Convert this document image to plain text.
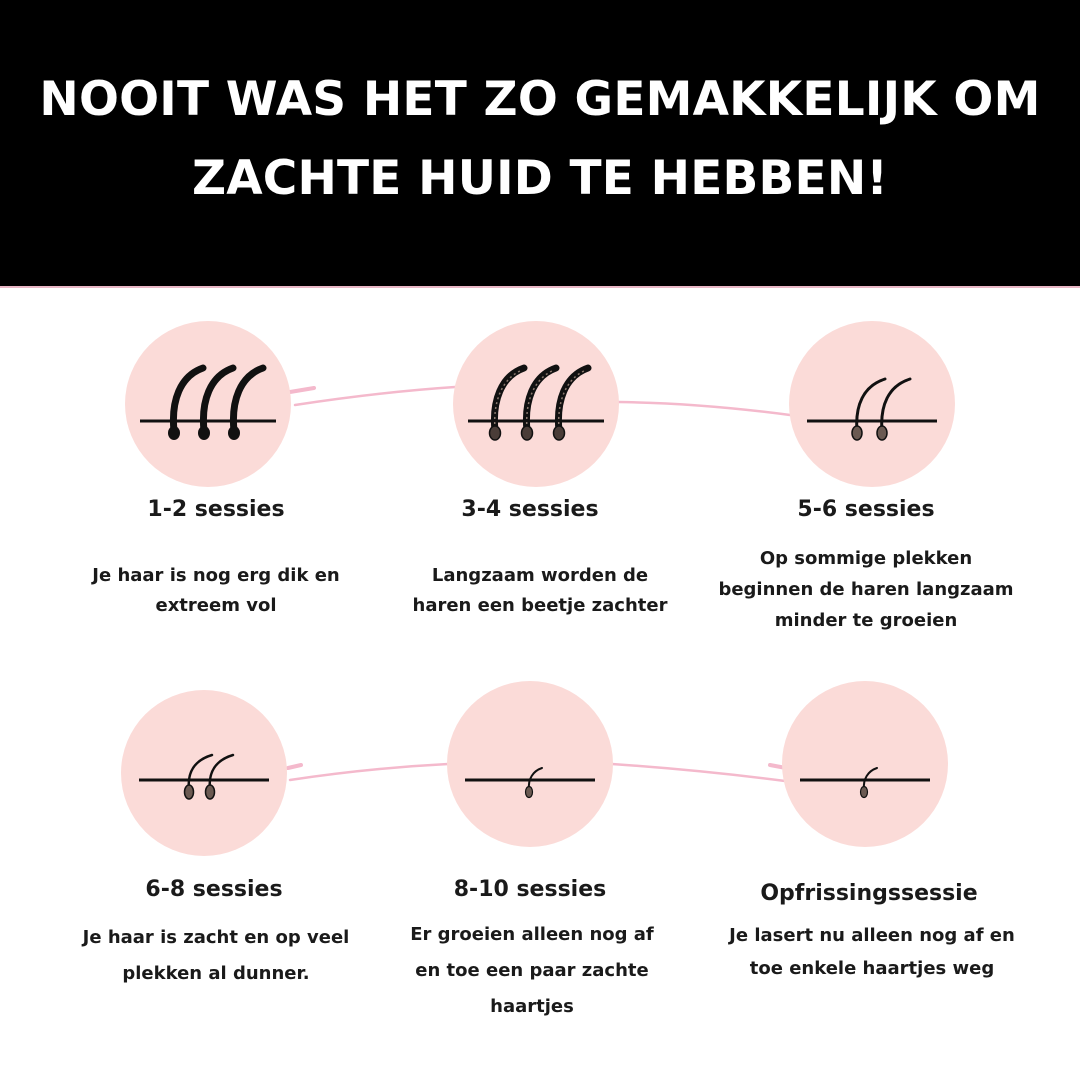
NOOIT WAS HET ZO GEMAKKELIJK OM
ZACHTE HUID TE HEBBEN!
1-2 sessies
Je haar is nog erg dik en
extreem vol
3-4 sessies
Langzaam worden de
haren een beetje zachter
5-6 sessies
Op sommige plekken
beginnen de haren langzaam
minder te groeien
6-8 sessies
Je haar is zacht en op veel
plekken al dunner.
8-10 sessies
Er groeien alleen nog af
en toe een paar zachte
haartjes
Opfrissingssessie
Je lasert nu alleen nog af en
toe enkele haartjes weg
